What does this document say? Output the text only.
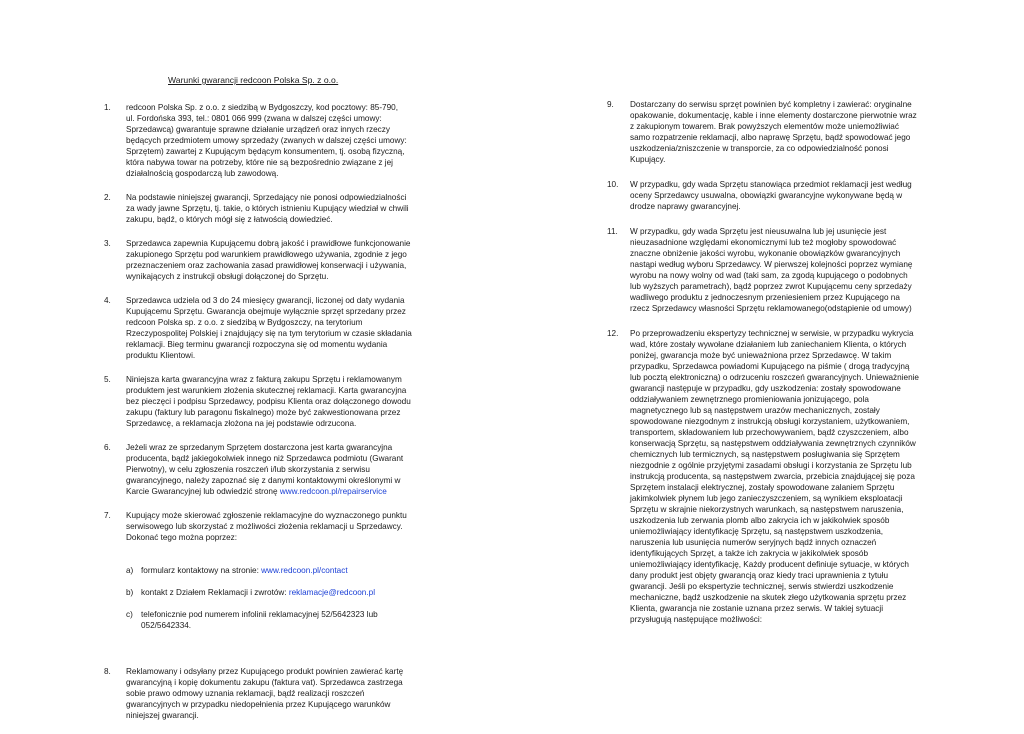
Warunki gwarancji redcoon Polska Sp. z o.o.
1.	redcoon Polska Sp. z o.o. z siedzibą w Bydgoszczy, kod pocztowy: 85-790,
ul. Fordońska 393, tel.: 0801 066 999 (zwana w dalszej części umowy:
Sprzedawcą) gwarantuje sprawne działanie urządzeń oraz innych rzeczy
będących przedmiotem umowy sprzedaży (zwanych w dalszej części umowy:
Sprzętem) zawartej z Kupującym będącym konsumentem, tj. osobą fizyczną,
która nabywa towar na potrzeby, które nie są bezpośrednio związane z jej
działalnością gospodarczą lub zawodową.
2.	Na podstawie niniejszej gwarancji, Sprzedający nie ponosi odpowiedzialności
za wady jawne Sprzętu, tj. takie, o których istnieniu Kupujący wiedział w chwili
zakupu, bądź, o których mógł się z łatwością dowiedzieć.
3.	Sprzedawca zapewnia Kupującemu dobrą jakość i prawidłowe funkcjonowanie
zakupionego Sprzętu pod warunkiem prawidłowego używania, zgodnie z jego
przeznaczeniem oraz zachowania zasad prawidłowej konserwacji i używania,
wynikających z instrukcji obsługi dołączonej do Sprzętu.
4.	Sprzedawca udziela od 3 do 24 miesięcy gwarancji, liczonej od daty wydania
Kupującemu Sprzętu. Gwarancja obejmuje wyłącznie sprzęt sprzedany przez
redcoon Polska sp. z o.o. z siedzibą w Bydgoszczy, na terytorium
Rzeczypospolitej Polskiej i znajdujący się na tym terytorium w czasie składania
reklamacji. Bieg terminu gwarancji rozpoczyna się od momentu wydania
produktu Klientowi.
5.	Niniejsza karta gwarancyjna wraz z fakturą zakupu Sprzętu i reklamowanym
produktem jest warunkiem złożenia skutecznej reklamacji. Karta gwarancyjna
bez pieczęci i podpisu Sprzedawcy, podpisu Klienta oraz dołączonego dowodu
zakupu (faktury lub paragonu fiskalnego) może być zakwestionowana przez
Sprzedawcę, a reklamacja złożona na jej podstawie odrzucona.
6.	Jeżeli wraz ze sprzedanym Sprzętem dostarczona jest karta gwarancyjna
producenta, bądź jakiegokolwiek innego niż Sprzedawca podmiotu (Gwarant
Pierwotny), w celu zgłoszenia roszczeń i/lub skorzystania z serwisu
gwarancyjnego, należy zapoznać się z danymi kontaktowymi określonymi w
Karcie Gwarancyjnej lub odwiedzić stronę www.redcoon.pl/repairservice
7.	Kupujący może skierować zgłoszenie reklamacyjne do wyznaczonego punktu
serwisowego lub skorzystać z możliwości złożenia reklamacji u Sprzedawcy.
Dokonać tego można poprzez:

a) formularz kontaktowy na stronie: www.redcoon.pl/contact

b) kontakt z Działem Reklamacji i zwrotów: reklamacje@redcoon.pl

c) telefonicznie pod numerem infolinii reklamacyjnej 52/5642323 lub
052/5642334.

8.	Reklamowany i odsyłany przez Kupującego produkt powinien zawierać kartę
gwarancyjną i kopię dokumentu zakupu (faktura vat). Sprzedawca zastrzega
sobie prawo odmowy uznania reklamacji, bądź realizacji roszczeń
gwarancyjnych w przypadku niedopełnienia przez Kupującego warunków
niniejszej gwarancji.
9.	Dostarczany do serwisu sprzęt powinien być kompletny i zawierać: oryginalne
opakowanie, dokumentację, kable i inne elementy dostarczone pierwotnie wraz
z zakupionym towarem. Brak powyższych elementów może uniemożliwiać
samo rozpatrzenie reklamacji, albo naprawę Sprzętu, bądź spowodować jego
uszkodzenia/zniszczenie w transporcie, za co odpowiedzialność ponosi
Kupujący.
10.	W przypadku, gdy wada Sprzętu stanowiąca przedmiot reklamacji jest według
oceny Sprzedawcy usuwalna, obowiązki gwarancyjne wykonywane będą w
drodze naprawy gwarancyjnej.
11.	W przypadku, gdy wada Sprzętu jest nieusuwalna lub jej usunięcie jest
nieuzasadnione względami ekonomicznymi lub też mogłoby spowodować
znaczne obniżenie jakości wyrobu, wykonanie obowiązków gwarancyjnych
nastąpi według wyboru Sprzedawcy. W pierwszej kolejności poprzez wymianę
wyrobu na nowy wolny od wad (taki sam, za zgodą kupującego o podobnych
lub wyższych parametrach), bądź poprzez zwrot Kupującemu ceny sprzedaży
wadliwego produktu z jednoczesnym przeniesieniem przez Kupującego na
rzecz Sprzedawcy własności Sprzętu reklamowanego(odstąpienie od umowy)
12.	Po przeprowadzeniu ekspertyzy technicznej w serwisie, w przypadku wykrycia
wad, które zostały wywołane działaniem lub zaniechaniem Klienta, o których
poniżej, gwarancja może być unieważniona przez Sprzedawcę. W takim
przypadku, Sprzedawca powiadomi Kupującego na piśmie ( drogą tradycyjną
lub pocztą elektroniczną) o odrzuceniu roszczeń gwarancyjnych. Unieważnienie
gwarancji następuje w przypadku, gdy uszkodzenia: zostały spowodowane
oddziaływaniem zewnętrznego promieniowania jonizującego, pola
magnetycznego lub są następstwem urazów mechanicznych, zostały
spowodowane niezgodnym z instrukcją obsługi korzystaniem, użytkowaniem,
transportem, składowaniem lub przechowywaniem, bądź czyszczeniem, albo
konserwacją Sprzętu, są następstwem oddziaływania zewnętrznych czynników
chemicznych lub termicznych, są następstwem posługiwania się Sprzętem
niezgodnie z ogólnie przyjętymi zasadami obsługi i korzystania ze Sprzętu lub
instrukcją producenta, są następstwem zwarcia, przebicia znajdującej się poza
Sprzętem instalacji elektrycznej, zostały spowodowane zalaniem Sprzętu
jakimkolwiek płynem lub jego zanieczyszczeniem, są wynikiem eksploatacji
Sprzętu w skrajnie niekorzystnych warunkach, są następstwem naruszenia,
uszkodzenia lub zerwania plomb albo zakrycia ich w jakikolwiek sposób
uniemożliwiający identyfikację Sprzętu, są następstwem uszkodzenia,
naruszenia lub usunięcia numerów seryjnych bądź innych oznaczeń
identyfikujących Sprzęt, a także ich zakrycia w jakikolwiek sposób
uniemożliwiający identyfikację, Każdy producent definiuje sytuacje, w których
dany produkt jest objęty gwarancją oraz kiedy traci uprawnienia z tytułu
gwarancji. Jeśli po ekspertyzie technicznej, serwis stwierdzi uszkodzenie
mechaniczne, bądź uszkodzenie na skutek złego użytkowania sprzętu przez
Klienta, gwarancja nie zostanie uznana przez serwis. W takiej sytuacji
przysługują następujące możliwości:
